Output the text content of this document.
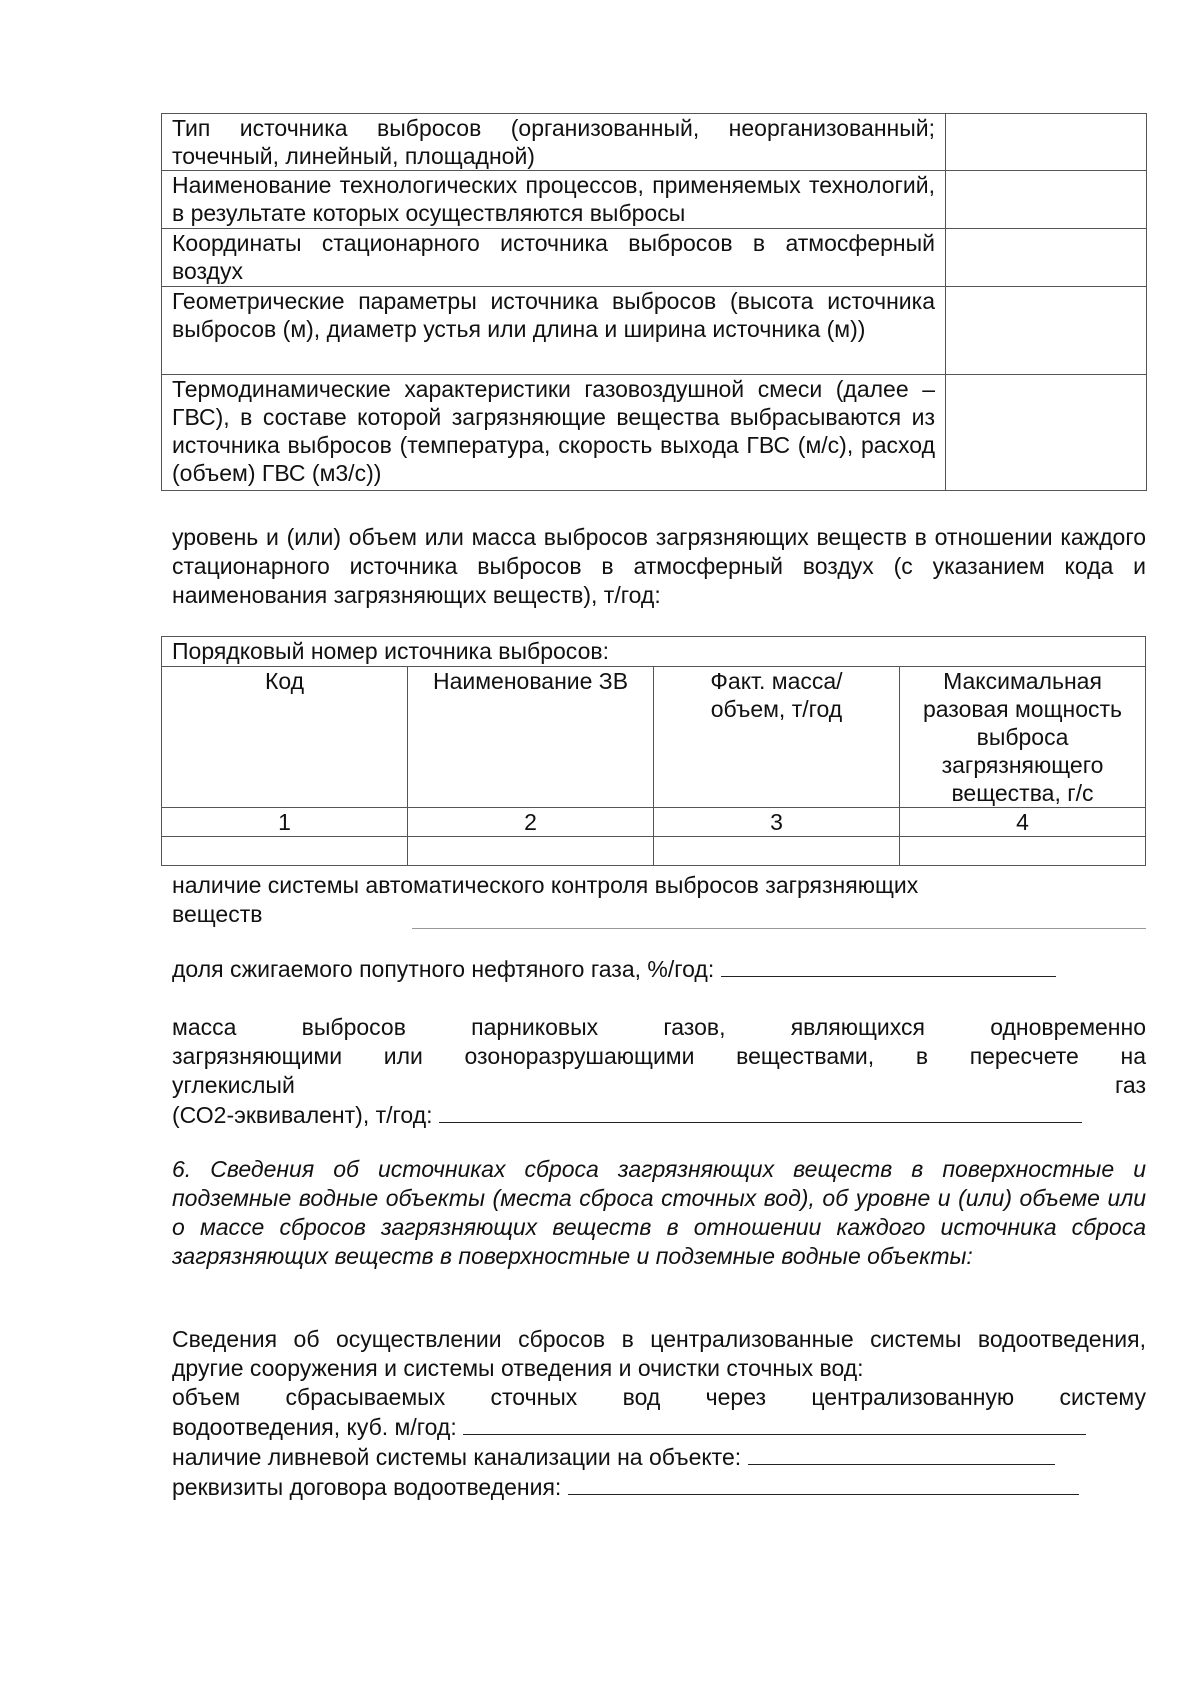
Тип источника выбросов (организованный, неорганизованный; точечный, линейный, площадной)	
Наименование технологических процессов, применяемых технологий, в результате которых осуществляются выбросы	
Координаты стационарного источника выбросов в атмосферный воздух	
Геометрические параметры источника выбросов (высота источника выбросов (м), диаметр устья или длина и ширина источника (м))	
Термодинамические характеристики газовоздушной смеси (далее – ГВС), в составе которой загрязняющие вещества выбрасываются из источника выбросов (температура, скорость выхода ГВС (м/с), расход (объем) ГВС (м3/с))	
уровень и (или) объем или масса выбросов загрязняющих веществ в отношении каждого стационарного источника выбросов в атмосферный воздух (с указанием кода и наименования загрязняющих веществ), т/год:
Порядковый номер источника выбросов:			
Код	Наименование ЗВ	Факт. масса/объем, т/год	Максимальная разовая мощность выброса загрязняющего вещества, г/с
1	2	3	4

наличие системы автоматического контроля выбросов загрязняющих
веществ
доля сжигаемого попутного нефтяного газа, %/год:
масса выбросов парниковых газов, являющихся одновременно
загрязняющими или озоноразрушающими веществами, в пересчете на
углекислый	газ
(СО2-эквивалент), т/год:
6. Сведения об источниках сброса загрязняющих веществ в поверхностные и подземные водные объекты (места сброса сточных вод), об уровне и (или) объеме или о массе сбросов загрязняющих веществ в отношении каждого источника сброса загрязняющих веществ в поверхностные и подземные водные объекты:
Сведения об осуществлении сбросов в централизованные системы водоотведения, другие сооружения и системы отведения и очистки сточных вод:
объем сбрасываемых сточных вод через централизованную систему
водоотведения, куб. м/год:
наличие ливневой системы канализации на объекте:
реквизиты договора водоотведения:
